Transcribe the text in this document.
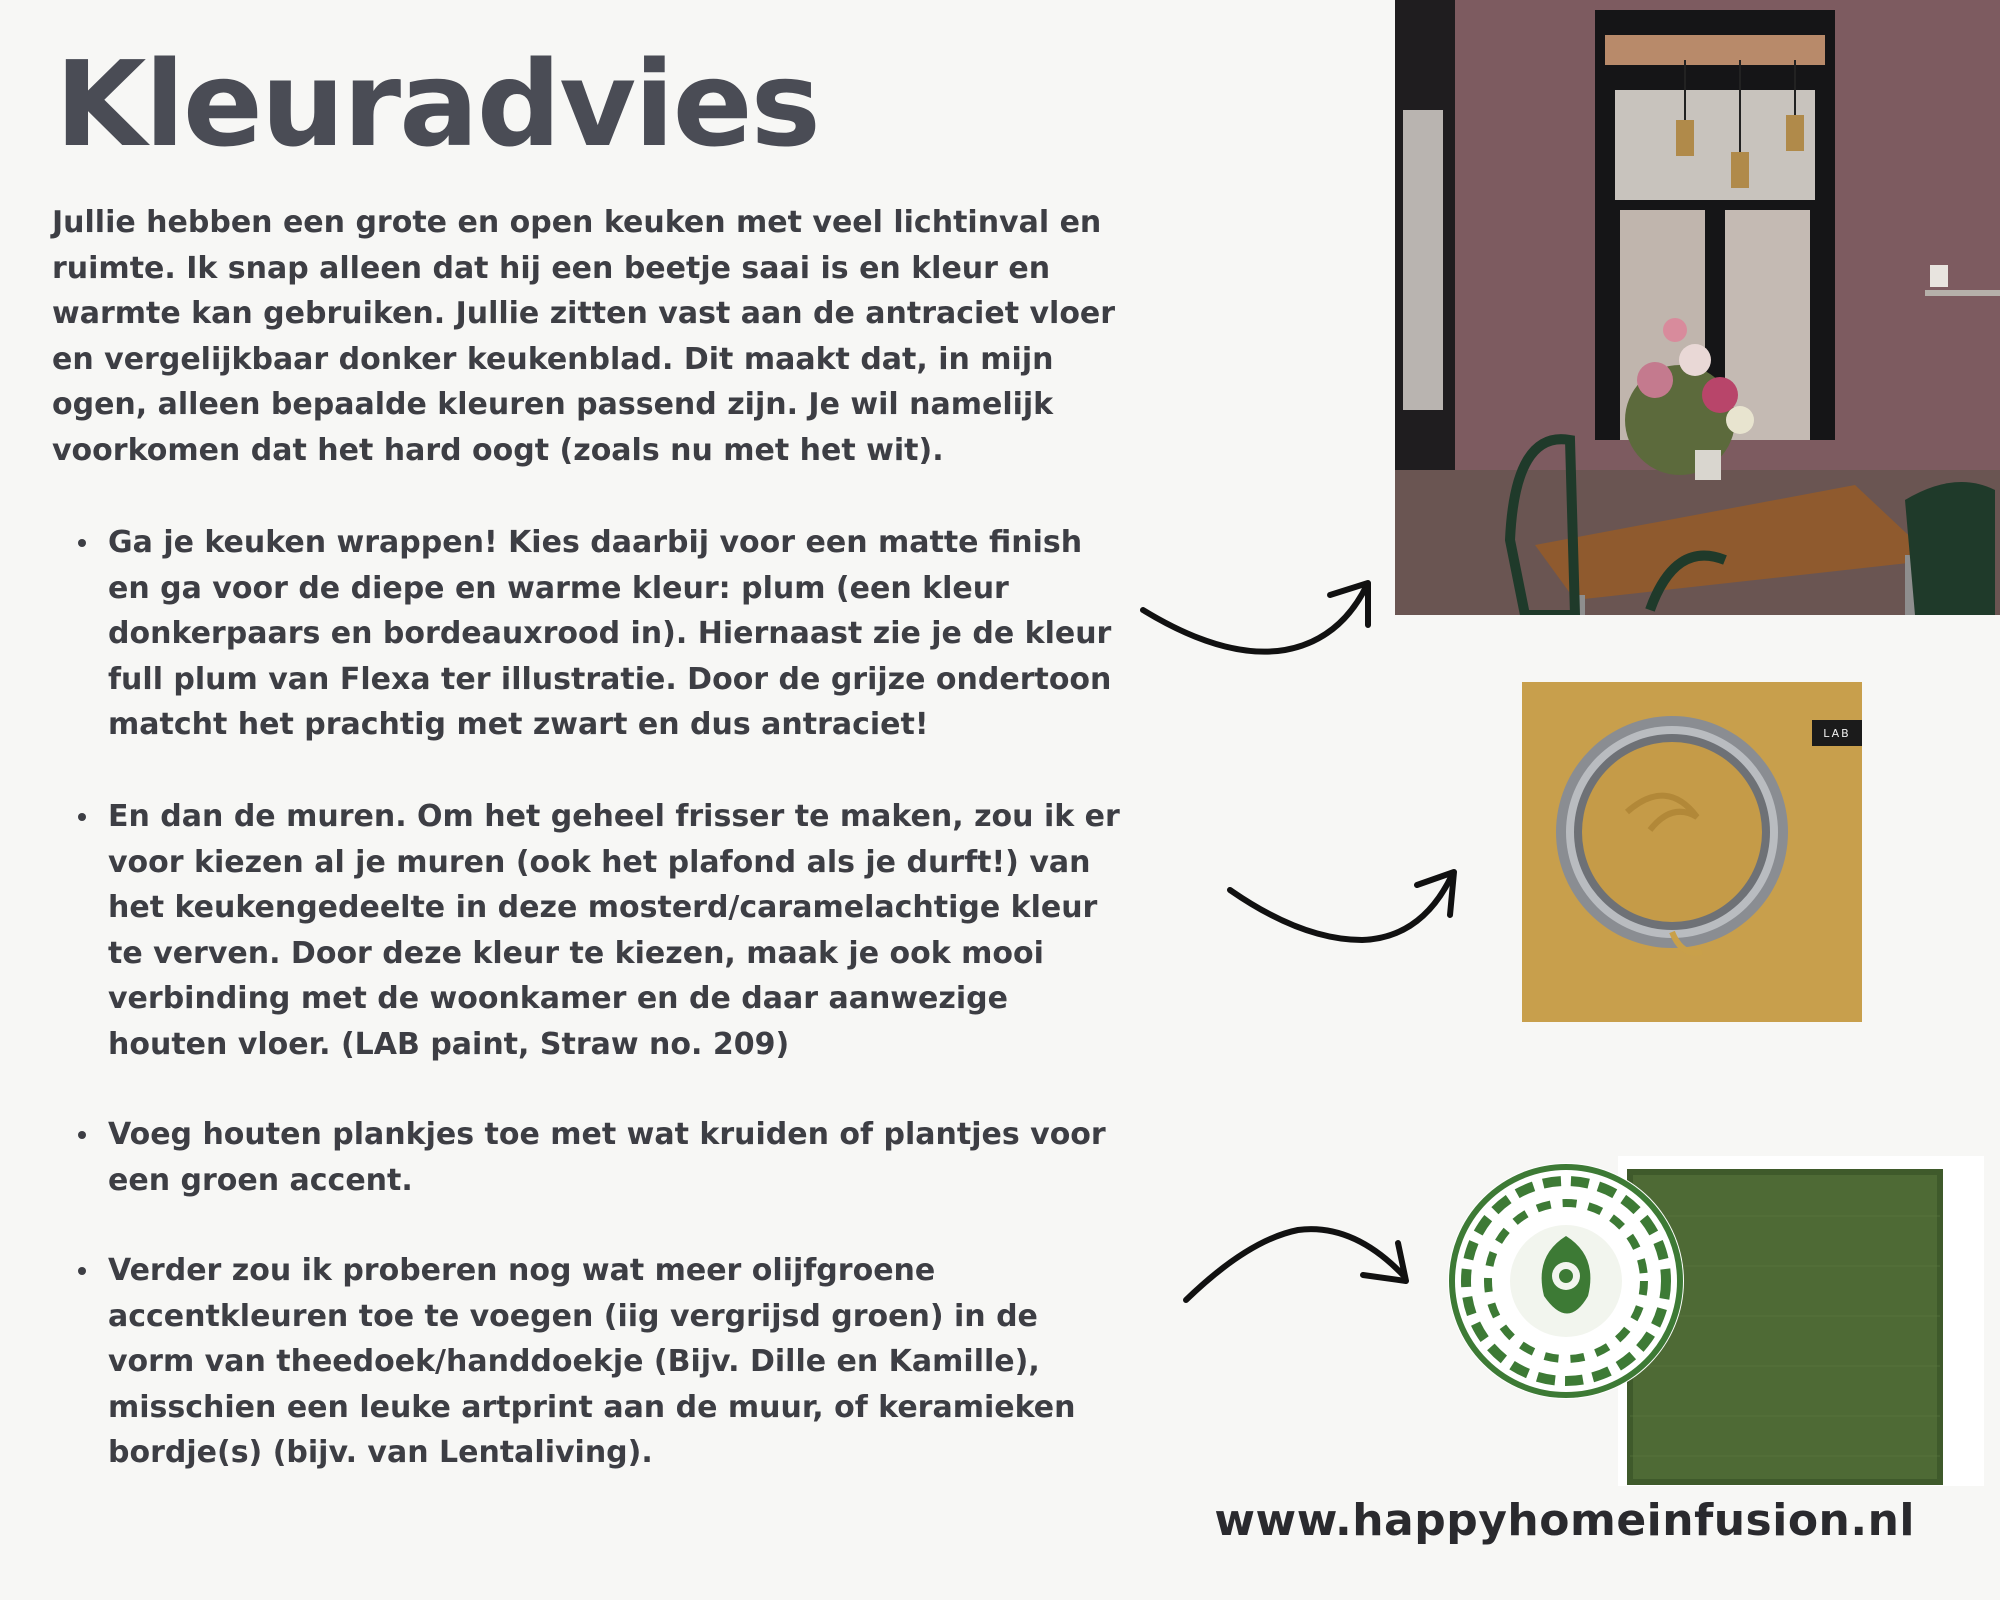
Kleuradvies

Jullie hebben een grote en open keuken met veel lichtinval en ruimte. Ik snap alleen dat hij een beetje saai is en kleur en warmte kan gebruiken. Jullie zitten vast aan de antraciet vloer en vergelijkbaar donker keukenblad. Dit maakt dat, in mijn ogen, alleen bepaalde kleuren passend zijn. Je wil namelijk voorkomen dat het hard oogt (zoals nu met het wit).

Ga je keuken wrappen! Kies daarbij voor een matte finish en ga voor de diepe en warme kleur: plum (een kleur donkerpaars en bordeauxrood in). Hiernaast zie je de kleur full plum van Flexa ter illustratie. Door de grijze ondertoon matcht het prachtig met zwart en dus antraciet!
En dan de muren. Om het geheel frisser te maken, zou ik er voor kiezen al je muren (ook het plafond als je durft!) van het keukengedeelte in deze mosterd/caramelachtige kleur te verven. Door deze kleur te kiezen, maak je ook mooi verbinding met de woonkamer en de daar aanwezige houten vloer. (LAB paint, Straw no. 209)
Voeg houten plankjes toe met wat kruiden of plantjes voor een groen accent.
Verder zou ik proberen nog wat meer olijfgroene accentkleuren toe te voegen (iig vergrijsd groen) in de vorm van theedoek/handdoekje (Bijv. Dille en Kamille), misschien een leuke artprint aan de muur, of keramieken bordje(s) (bijv. van Lentaliving).
LAB
www.happyhomeinfusion.nl
